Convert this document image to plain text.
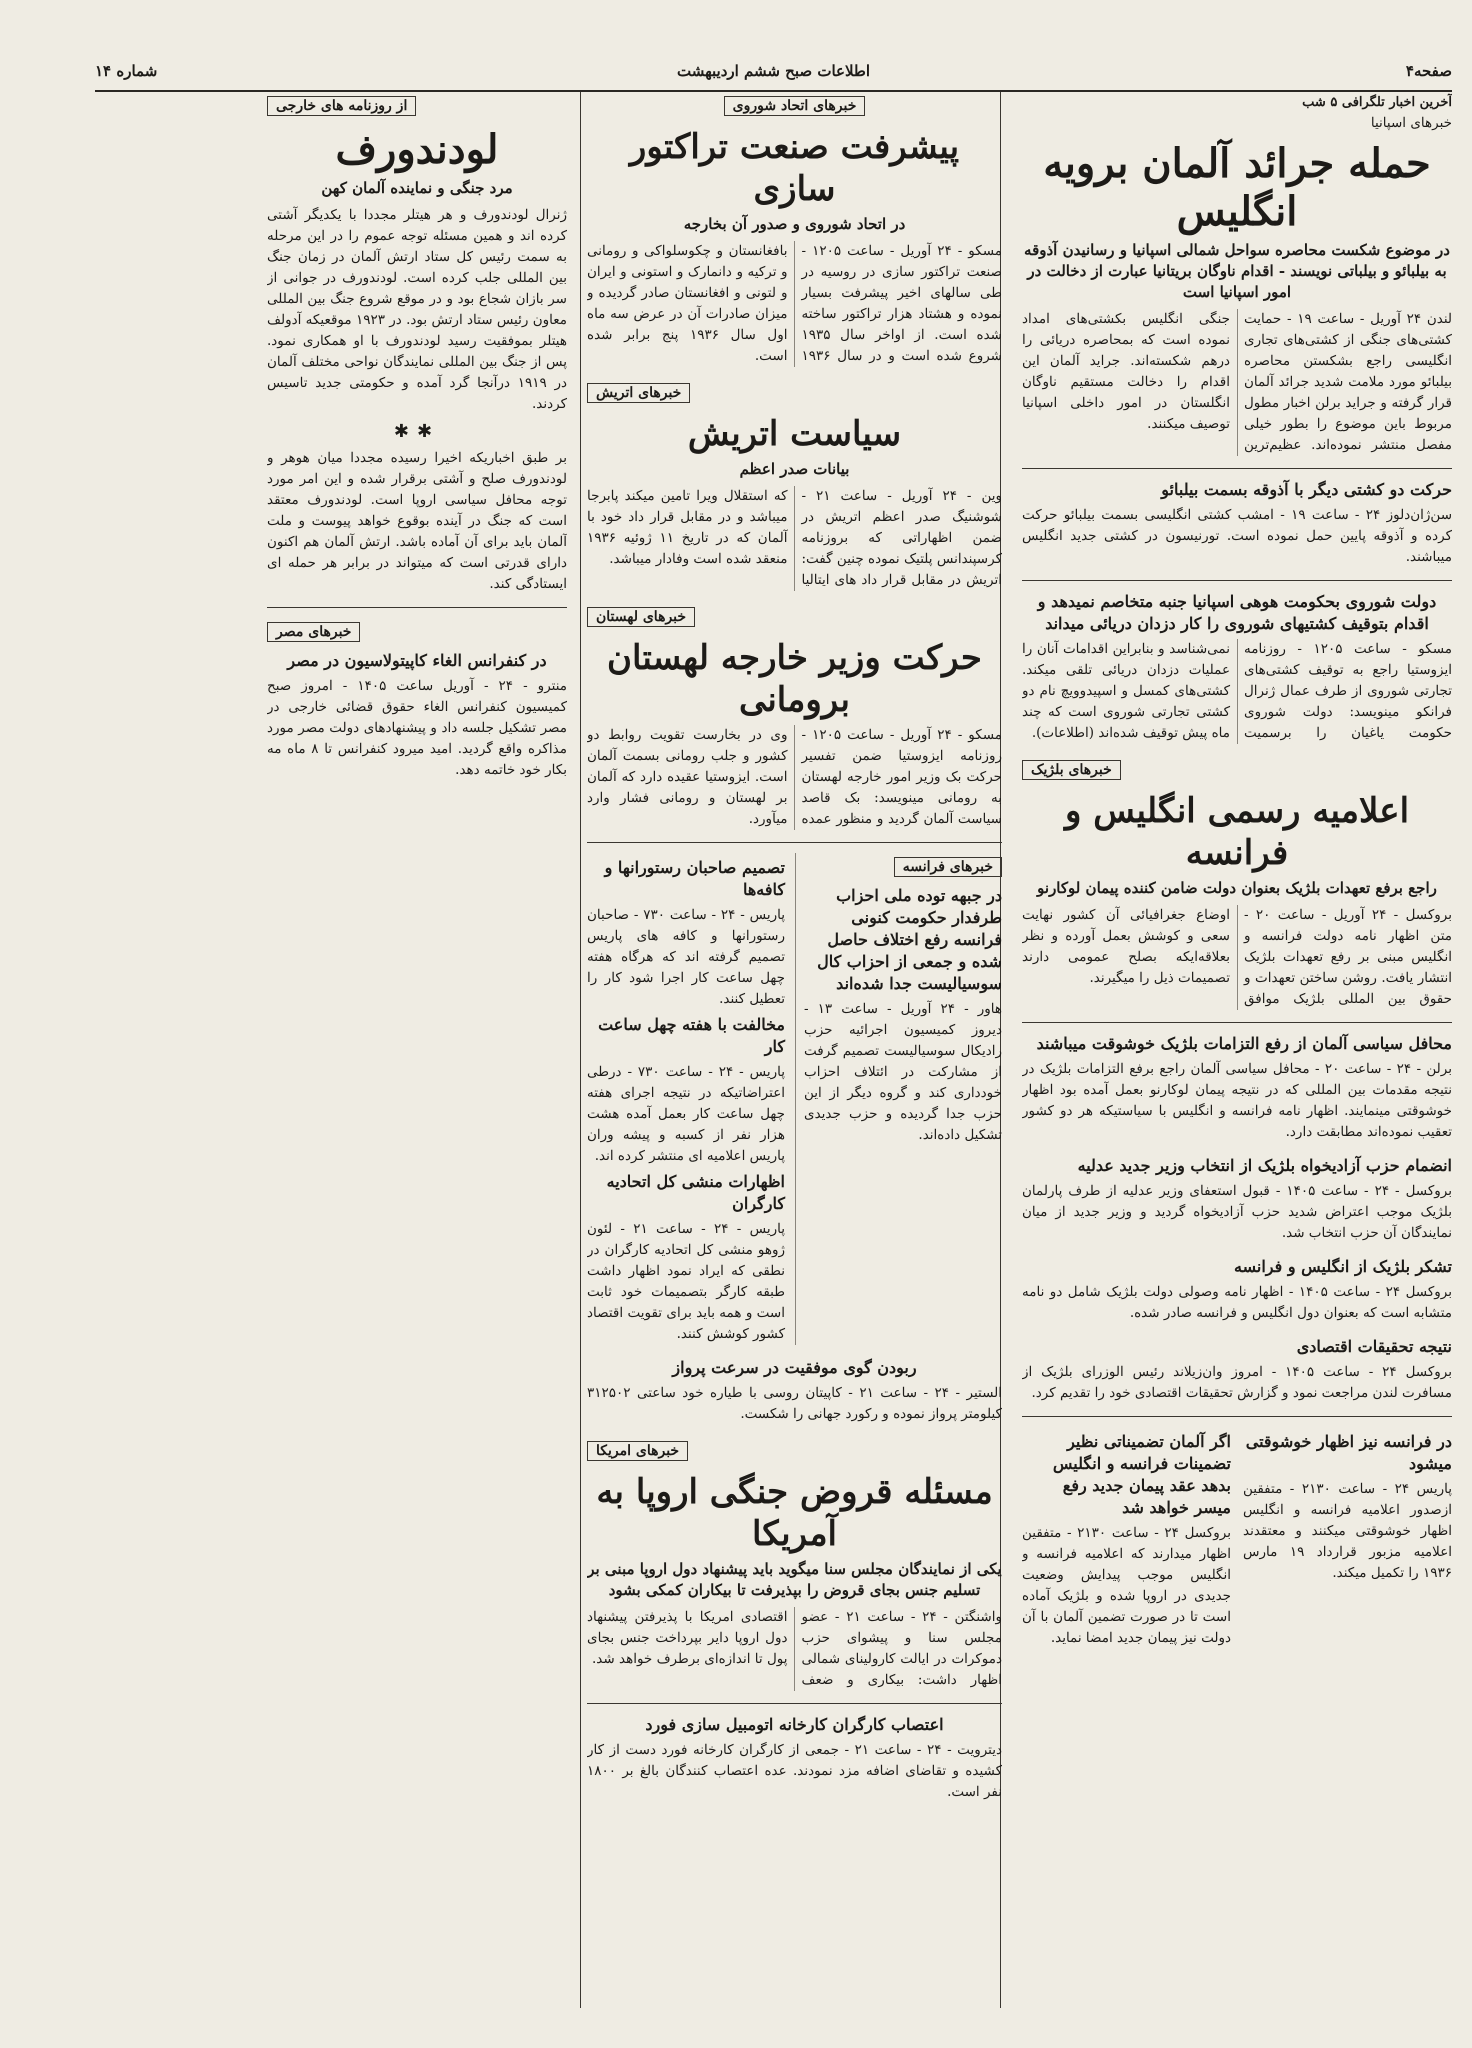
صفحه۴
اطلاعات صبح ششم اردیبهشت
شماره ۱۴

آخرین اخبار تلگرافی ۵ شب

خبرهای اسپانیا

حمله جرائد آلمان برویه انگلیس
در موضوع شکست محاصره سواحل شمالی اسپانیا و رسانیدن آذوقه به بیلبائو و بیلباتی نویسند - اقدام ناوگان بریتانیا عبارت از دخالت در امور اسپانیا است

لندن ۲۴ آوریل - ساعت ۱۹ - حمایت کشتی‌های جنگی از کشتی‌های تجاری انگلیسی راجع بشکستن محاصره بیلبائو مورد ملامت شدید جرائد آلمان قرار گرفته و جراید برلن اخبار مطول مربوط باین موضوع را بطور خیلی مفصل منتشر نموده‌اند. عظیم‌ترین جنگی انگلیس بکشتی‌های امداد نموده است که بمحاصره دریائی را درهم شکسته‌اند. جراید آلمان این اقدام را دخالت مستقیم ناوگان انگلستان در امور داخلی اسپانیا توصیف میکنند.

حرکت دو کشتی دیگر با آذوقه بسمت بیلبائو

سن‌ژان‌دلوز ۲۴ - ساعت ۱۹ - امشب کشتی انگلیسی بسمت بیلبائو حرکت کرده و آذوقه پایین حمل نموده است. تورنیسون در کشتی جدید انگلیس میباشند.

دولت شوروی بحکومت هوهی اسپانیا جنبه متخاصم نمیدهد و اقدام بتوقیف کشتیهای شوروی را کار دزدان دریائی میداند

مسکو - ساعت ۱۲۰۵ - روزنامه ایزوستیا راجع به توقیف کشتی‌های تجارتی شوروی از طرف عمال ژنرال فرانکو مینویسد: دولت شوروی حکومت یاغیان را برسمیت نمی‌شناسد و بنابراین اقدامات آنان را عملیات دزدان دریائی تلقی میکند. کشتی‌های کمسل و اسپیدوویچ نام دو کشتی تجارتی شوروی است که چند ماه پیش توقیف شده‌اند (اطلاعات).

خبرهای بلژیک
اعلامیه رسمی انگلیس و فرانسه
راجع برفع تعهدات بلژیک بعنوان دولت ضامن کننده پیمان لوکارنو

بروکسل - ۲۴ آوریل - ساعت ۲۰ - متن اظهار نامه دولت فرانسه و انگلیس مبنی بر رفع تعهدات بلژیک انتشار یافت. روشن ساختن تعهدات و حقوق بین المللی بلژیک موافق اوضاع جغرافیائی آن کشور نهایت سعی و کوشش بعمل آورده و نظر بعلاقه‌ایکه بصلح عمومی دارند تصمیمات ذیل را میگیرند.

محافل سیاسی آلمان از رفع التزامات بلژیک خوشوقت میباشند

برلن - ۲۴ - ساعت ۲۰ - محافل سیاسی آلمان راجع برفع التزامات بلژیک در نتیجه مقدمات بین المللی که در نتیجه پیمان لوکارنو بعمل آمده بود اظهار خوشوقتی مینمایند. اظهار نامه فرانسه و انگلیس با سیاستیکه هر دو کشور تعقیب نموده‌اند مطابقت دارد.

انضمام حزب آزادیخواه بلژیک از انتخاب وزیر جدید عدلیه

بروکسل - ۲۴ - ساعت ۱۴۰۵ - قبول استعفای وزیر عدلیه از طرف پارلمان بلژیک موجب اعتراض شدید حزب آزادیخواه گردید و وزیر جدید از میان نمایندگان آن حزب انتخاب شد.

تشکر بلژیک از انگلیس و فرانسه

بروکسل ۲۴ - ساعت ۱۴۰۵ - اظهار نامه وصولی دولت بلژیک شامل دو نامه متشابه است که بعنوان دول انگلیس و فرانسه صادر شده.

نتیجه تحقیقات اقتصادی

بروکسل ۲۴ - ساعت ۱۴۰۵ - امروز وان‌زیلاند رئیس الوزرای بلژیک از مسافرت لندن مراجعت نمود و گزارش تحقیقات اقتصادی خود را تقدیم کرد.

در فرانسه نیز اظهار خوشوقتی میشود

پاریس ۲۴ - ساعت ۲۱۳۰ - متفقین ازصدور اعلامیه فرانسه و انگلیس اظهار خوشوقتی میکنند و معتقدند اعلامیه مزبور قرارداد ۱۹ مارس ۱۹۳۶ را تکمیل میکند.

اگر آلمان تضمیناتی نظیر تضمینات فرانسه و انگلیس بدهد عقد پیمان جدید رفع میسر خواهد شد

بروکسل ۲۴ - ساعت ۲۱۳۰ - متفقین اظهار میدارند که اعلامیه فرانسه و انگلیس موجب پیدایش وضعیت جدیدی در اروپا شده و بلژیک آماده است تا در صورت تضمین آلمان با آن دولت نیز پیمان جدید امضا نماید.

خبرهای اتحاد شوروی
پیشرفت صنعت تراکتور سازی
در اتحاد شوروی و صدور آن بخارجه

مسکو - ۲۴ آوریل - ساعت ۱۲۰۵ - صنعت تراکتور سازی در روسیه در طی سالهای اخیر پیشرفت بسیار نموده و هشتاد هزار تراکتور ساخته شده است. از اواخر سال ۱۹۳۵ شروع شده است و در سال ۱۹۳۶ بافغانستان و چکوسلواکی و رومانی و ترکیه و دانمارک و استونی و ایران و لتونی و افغانستان صادر گردیده و میزان صادرات آن در عرض سه ماه اول سال ۱۹۳۶ پنج برابر شده است.

خبرهای اتریش
سیاست اتریش
بیانات صدر اعظم

وین - ۲۴ آوریل - ساعت ۲۱ - شوشنیگ صدر اعظم اتریش در ضمن اظهاراتی که بروزنامه کرسپندانس پلتیک نموده چنین گفت: اتریش در مقابل قرار داد های ایتالیا که استقلال ویرا تامین میکند پابرجا میباشد و در مقابل قرار داد خود با آلمان که در تاریخ ۱۱ ژوئیه ۱۹۳۶ منعقد شده است وفادار میباشد.

خبرهای لهستان
حرکت وزیر خارجه لهستان برومانی

مسکو - ۲۴ آوریل - ساعت ۱۲۰۵ - روزنامه ایزوستیا ضمن تفسیر حرکت بک وزیر امور خارجه لهستان به رومانی مینویسد: بک قاصد سیاست آلمان گردید و منظور عمده وی در بخارست تقویت روابط دو کشور و جلب رومانی بسمت آلمان است. ایزوستیا عقیده دارد که آلمان بر لهستان و رومانی فشار وارد میآورد.

خبرهای فرانسه
در جبهه توده ملی احزاب طرفدار حکومت کنونی فرانسه رفع اختلاف حاصل شده و جمعی از احزاب کال سوسیالیست جدا شده‌اند

هاور - ۲۴ آوریل - ساعت ۱۳ - دیروز کمیسیون اجرائیه حزب رادیکال سوسیالیست تصمیم گرفت از مشارکت در ائتلاف احزاب خودداری کند و گروه دیگر از این حزب جدا گردیده و حزب جدیدی تشکیل داده‌اند.

تصمیم صاحبان رستورانها و کافه‌ها

پاریس - ۲۴ - ساعت ۷۳۰ - صاحبان رستورانها و کافه های پاریس تصمیم گرفته اند که هرگاه هفته چهل ساعت کار اجرا شود کار را تعطیل کنند.

مخالفت با هفته چهل ساعت کار

پاریس - ۲۴ - ساعت ۷۳۰ - درطی اعتراضاتیکه در نتیجه اجرای هفته چهل ساعت کار بعمل آمده هشت هزار نفر از کسبه و پیشه وران پاریس اعلامیه ای منتشر کرده اند.

اظهارات منشی کل اتحادیه کارگران

پاریس - ۲۴ - ساعت ۲۱ - لئون ژوهو منشی کل اتحادیه کارگران در نطقی که ایراد نمود اظهار داشت طبقه کارگر بتصمیمات خود ثابت است و همه باید برای تقویت اقتصاد کشور کوشش کنند.

ربودن گوی موفقیت در سرعت پرواز

الستیر - ۲۴ - ساعت ۲۱ - کاپیتان روسی با طیاره خود ساعتی ۳۱۲۵۰۲ کیلومتر پرواز نموده و رکورد جهانی را شکست.

خبرهای امریکا
مسئله قروض جنگی اروپا به آمریکا
یکی از نمایندگان مجلس سنا میگوید باید پیشنهاد دول اروپا مبنی بر تسلیم جنس بجای قروض را بپذیرفت تا بیکاران کمکی بشود

واشنگتن - ۲۴ - ساعت ۲۱ - عضو مجلس سنا و پیشوای حزب دموکرات در ایالت کارولینای شمالی اظهار داشت: بیکاری و ضعف اقتصادی امریکا با پذیرفتن پیشنهاد دول اروپا دایر بپرداخت جنس بجای پول تا اندازه‌ای برطرف خواهد شد.

اعتصاب کارگران کارخانه اتومبیل سازی فورد

دیترویت - ۲۴ - ساعت ۲۱ - جمعی از کارگران کارخانه فورد دست از کار کشیده و تقاضای اضافه مزد نمودند. عده اعتصاب کنندگان بالغ بر ۱۸۰۰ نفر است.

از روزنامه های خارجی
لودندورف
مرد جنگی و نماینده آلمان کهن

ژنرال لودندورف و هر هیتلر مجددا با یکدیگر آشتی کرده اند و همین مسئله توجه عموم را در این مرحله به سمت رئیس کل ستاد ارتش آلمان در زمان جنگ بین المللی جلب کرده است. لودندورف در جوانی از سر بازان شجاع بود و در موقع شروع جنگ بین المللی معاون رئیس ستاد ارتش بود. در ۱۹۲۳ موقعیکه آدولف هیتلر بموفقیت رسید لودندورف با او همکاری نمود. پس از جنگ بین المللی نمایندگان نواحی مختلف آلمان در ۱۹۱۹ درآنجا گرد آمده و حکومتی جدید تاسیس کردند.

✱✱

بر طبق اخباریکه اخیرا رسیده مجددا میان هوهر و لودندورف صلح و آشتی برقرار شده و این امر مورد توجه محافل سیاسی اروپا است. لودندورف معتقد است که جنگ در آینده بوقوع خواهد پیوست و ملت آلمان باید برای آن آماده باشد. ارتش آلمان هم اکنون دارای قدرتی است که میتواند در برابر هر حمله ای ایستادگی کند.

خبرهای مصر
در کنفرانس الغاء کاپیتولاسیون در مصر

منترو - ۲۴ - آوریل ساعت ۱۴۰۵ - امروز صبح کمیسیون کنفرانس الغاء حقوق قضائی خارجی در مصر تشکیل جلسه داد و پیشنهادهای دولت مصر مورد مذاکره واقع گردید. امید میرود کنفرانس تا ۸ ماه مه بکار خود خاتمه دهد.
